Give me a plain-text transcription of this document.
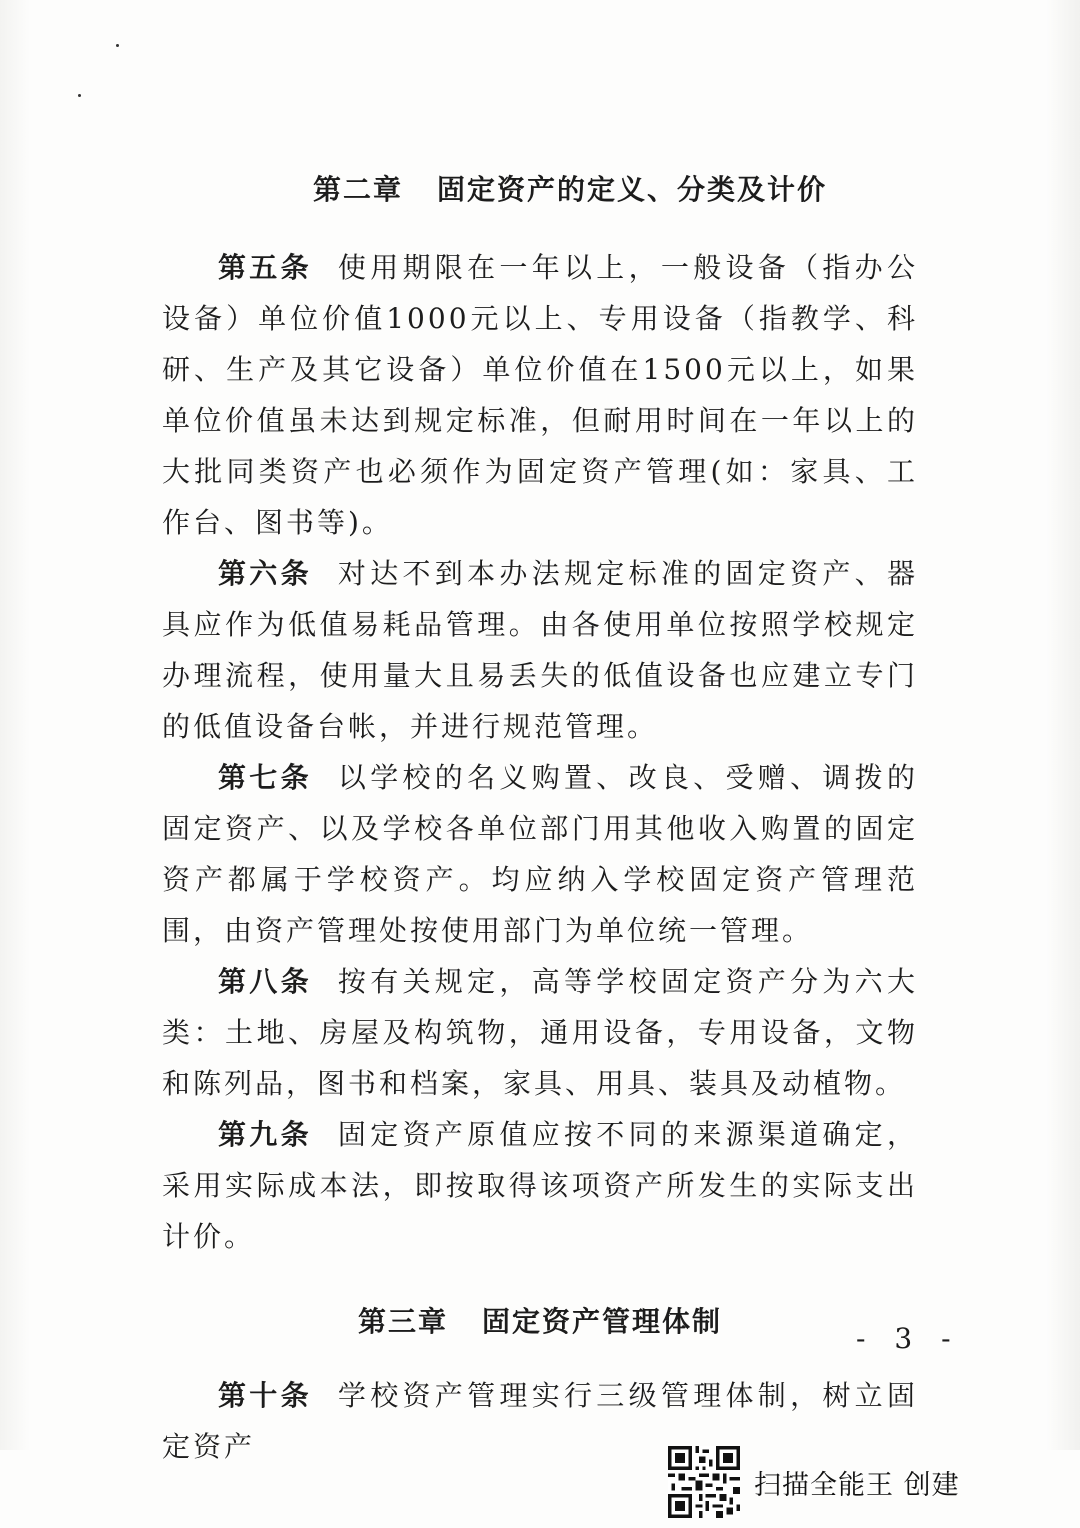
第二章 固定资产的定义、分类及计价

第五条 使用期限在一年以上，一般设备（指办公设备）单位价值1000元以上、专用设备（指教学、科研、生产及其它设备）单位价值在1500元以上，如果单位价值虽未达到规定标准，但耐用时间在一年以上的大批同类资产也必须作为固定资产管理(如：家具、工作台、图书等)。

第六条 对达不到本办法规定标准的固定资产、器具应作为低值易耗品管理。由各使用单位按照学校规定办理流程，使用量大且易丢失的低值设备也应建立专门的低值设备台帐，并进行规范管理。

第七条 以学校的名义购置、改良、受赠、调拨的固定资产、以及学校各单位部门用其他收入购置的固定资产都属于学校资产。均应纳入学校固定资产管理范围，由资产管理处按使用部门为单位统一管理。

第八条 按有关规定，高等学校固定资产分为六大类：土地、房屋及构筑物，通用设备，专用设备，文物和陈列品，图书和档案，家具、用具、装具及动植物。

第九条 固定资产原值应按不同的来源渠道确定，采用实际成本法，即按取得该项资产所发生的实际支出计价。

第三章 固定资产管理体制

第十条 学校资产管理实行三级管理体制，树立固定资产

- 3 -
扫描全能王 创建
